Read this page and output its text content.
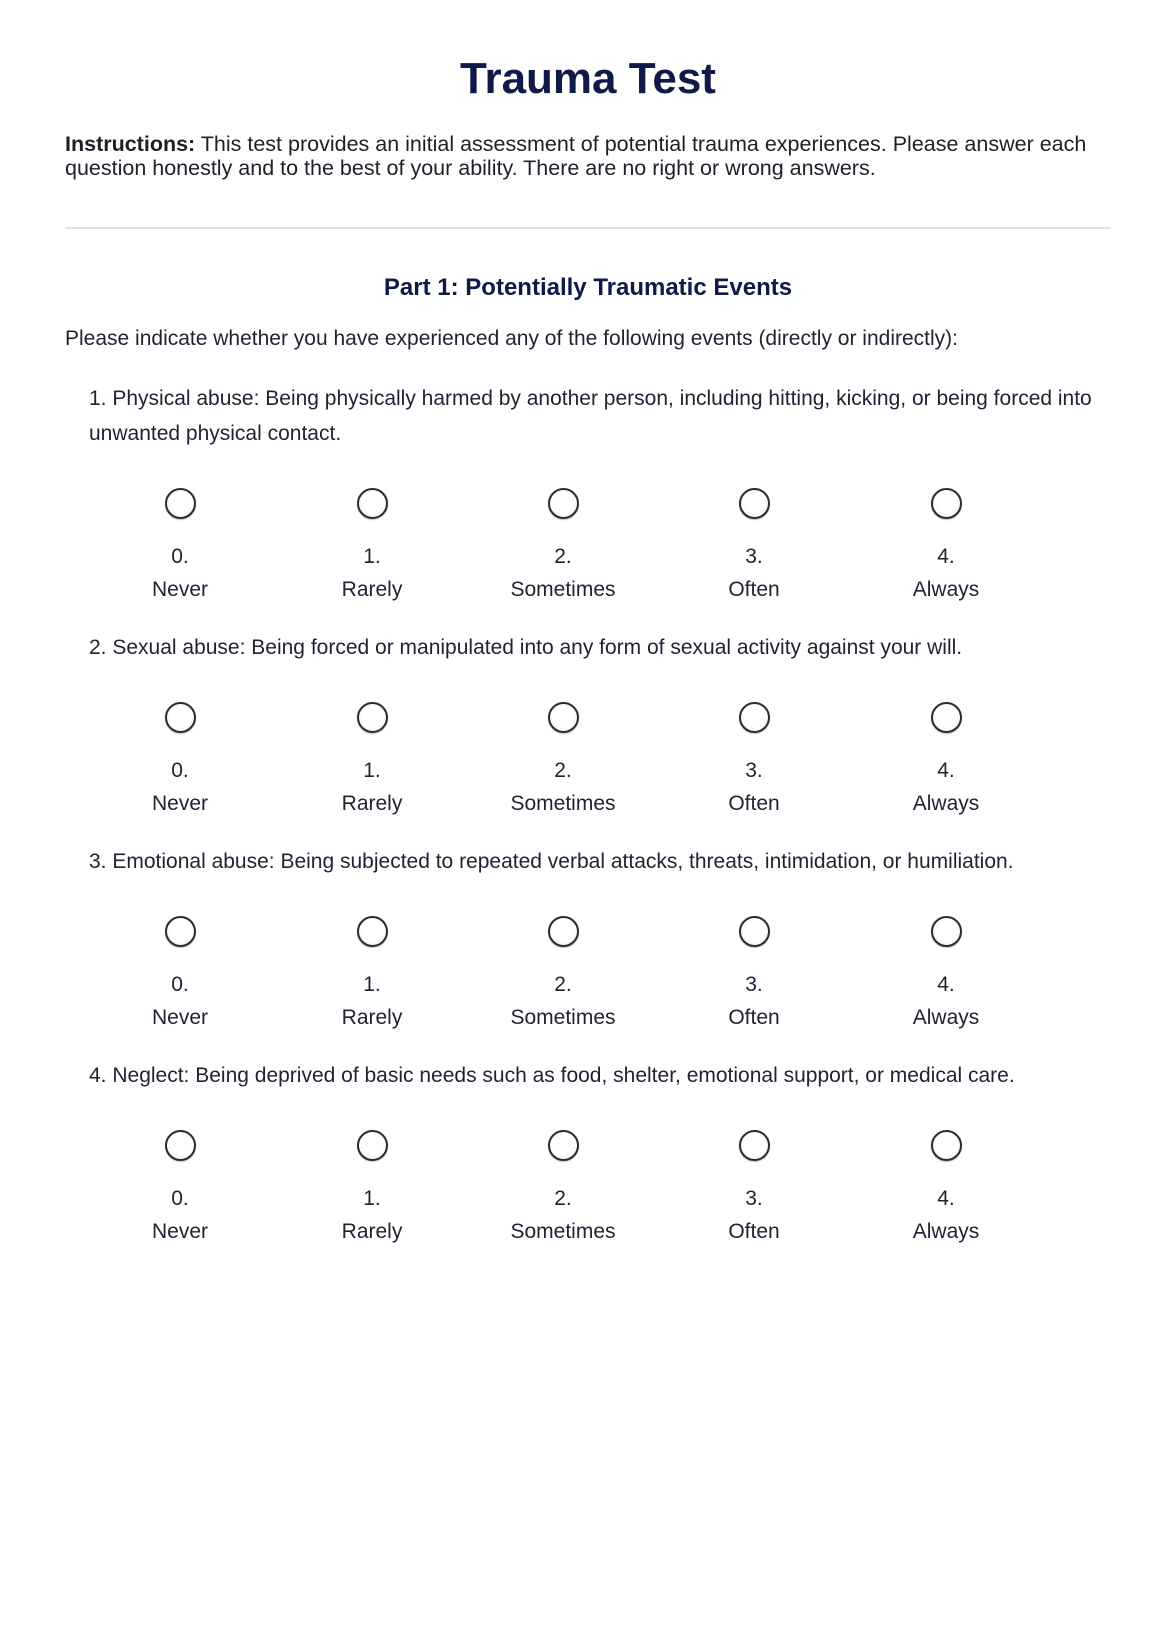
Trauma Test
Instructions: This test provides an initial assessment of potential trauma experiences. Please answer each question honestly and to the best of your ability. There are no right or wrong answers.
Part 1: Potentially Traumatic Events
Please indicate whether you have experienced any of the following events (directly or indirectly):
1. Physical abuse: Being physically harmed by another person, including hitting, kicking, or being forced into unwanted physical contact.
0.
Never
1.
Rarely
2.
Sometimes
3.
Often
4.
Always
2. Sexual abuse: Being forced or manipulated into any form of sexual activity against your will.
0.
Never
1.
Rarely
2.
Sometimes
3.
Often
4.
Always
3. Emotional abuse: Being subjected to repeated verbal attacks, threats, intimidation, or humiliation.
0.
Never
1.
Rarely
2.
Sometimes
3.
Often
4.
Always
4. Neglect: Being deprived of basic needs such as food, shelter, emotional support, or medical care.
0.
Never
1.
Rarely
2.
Sometimes
3.
Often
4.
Always
